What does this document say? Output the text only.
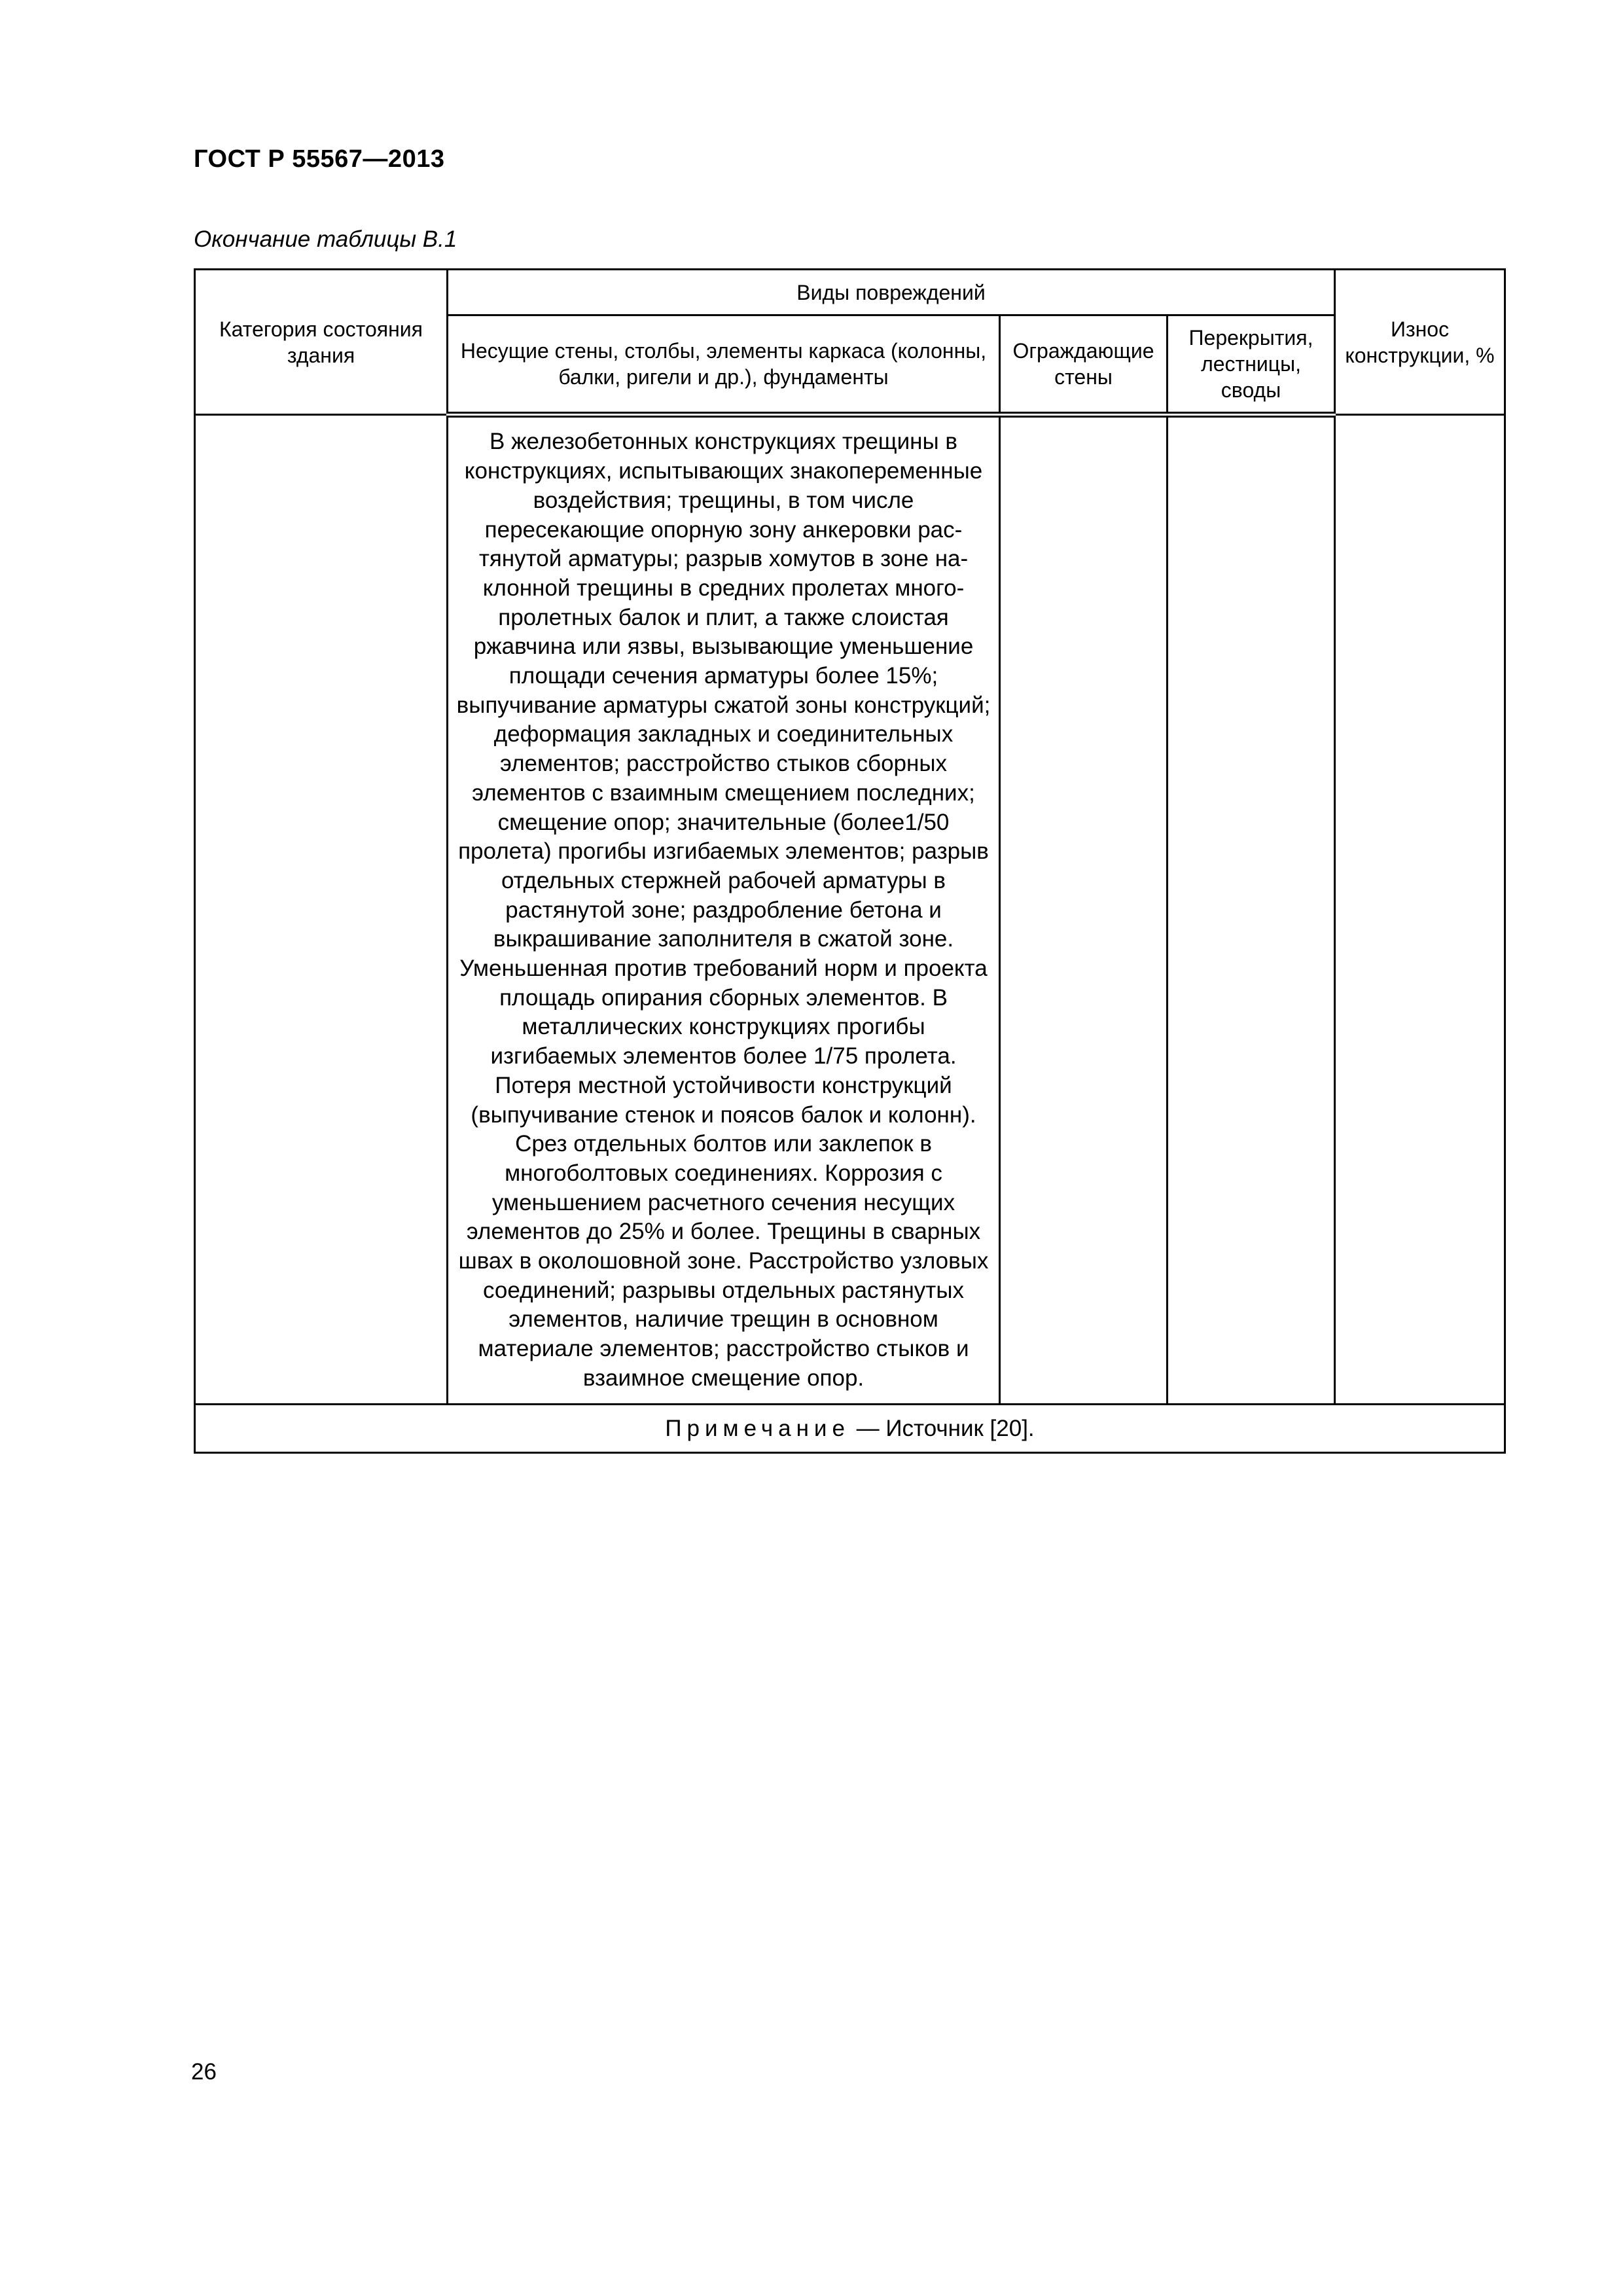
ГОСТ Р 55567—2013
Окончание таблицы В.1
Категория состояния здания	Виды повреждений			Износ конструкции, %
	Несущие стены, столбы, элементы каркаса (колонны, балки, ригели и др.), фундаменты	Ограждающие стены	Перекрытия, лестницы, своды	
	В железобетонных конструкциях трещины в конструкциях, испытывающих знакопеременные воздействия; трещины, в том числе пересекающие опорную зону анкеровки растянутой арматуры; разрыв хомутов в зоне наклонной трещины в средних пролетах многопролетных балок и плит, а также слоистая ржавчина или язвы, вызывающие уменьшение площади сечения арматуры более 15%; выпучивание арматуры сжатой зоны конструкций; деформация закладных и соединительных элементов; расстройство стыков сборных элементов с взаимным смещением последних; смещение опор; значительные (более1/50 пролета) прогибы изгибаемых элементов; разрыв отдельных стержней рабочей арматуры в растянутой зоне; раздробление бетона и выкрашивание заполнителя в сжатой зоне. Уменьшенная против требований норм и проекта площадь опирания сборных элементов. В металлических конструкциях прогибы изгибаемых элементов более 1/75 пролета. Потеря местной устойчивости конструкций (выпучивание стенок и поясов балок и колонн). Срез отдельных болтов или заклепок в многоболтовых соединениях. Коррозия с уменьшением расчетного сечения несущих элементов до 25% и более. Трещины в сварных швах в околошовной зоне. Расстройство узловых соединений; разрывы отдельных растянутых элементов, наличие трещин в основном материале элементов; расстройство стыков и взаимное смещение опор.			
Примечание — Источник [20].				
26
